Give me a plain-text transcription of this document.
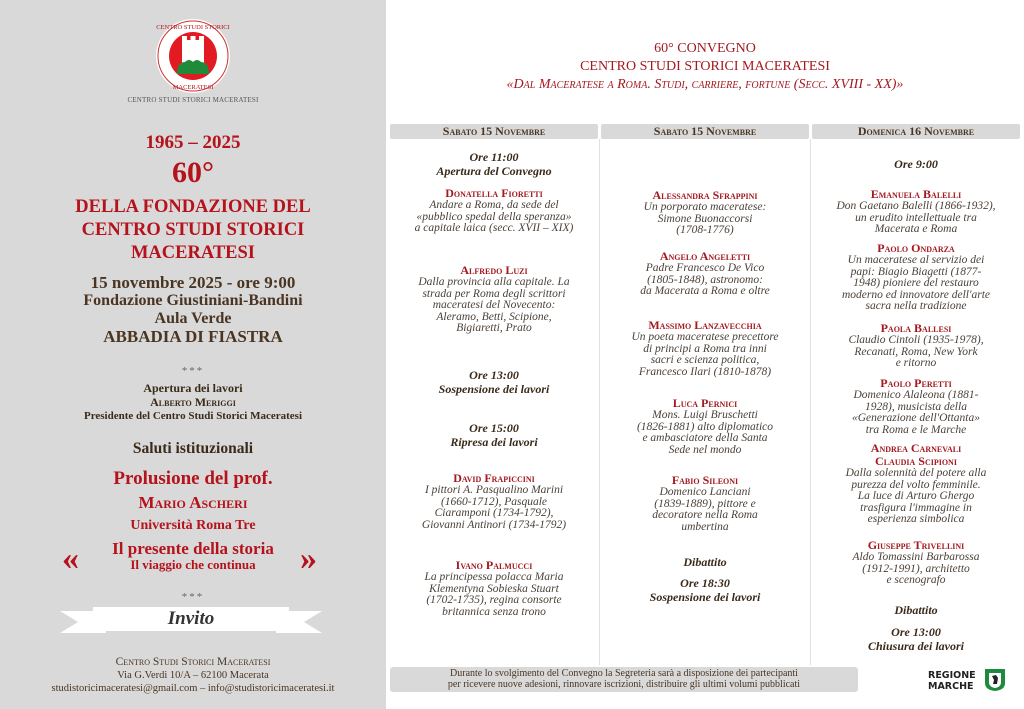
CENTRO STUDI STORICI
MACERATESI
CENTRO STUDI STORICI MACERATESI
1965 – 2025
60°
DELLA FONDAZIONE DEL
CENTRO STUDI STORICI
MACERATESI
15 novembre 2025 - ore 9:00
Fondazione Giustiniani-Bandini
Aula Verde
ABBADIA DI FIASTRA
***
Apertura dei lavori
Alberto Meriggi
Presidente del Centro Studi Storici Maceratesi
Saluti istituzionali
Prolusione del prof.
Mario Ascheri
Università Roma Tre
«	Il presente della storia
Il viaggio che continua	»
***
Invito
Centro Studi Storici Maceratesi
Via G.Verdi 10/A – 62100 Macerata
studistoricimaceratesi@gmail.com – info@studistoricimaceratesi.it
60° CONVEGNO
CENTRO STUDI STORICI MACERATESI
«Dal Maceratese a Roma. Studi, carriere, fortune (Secc. XVIII - XX)»
Sabato 15 Novembre	Sabato 15 Novembre	Domenica 16 Novembre
Ore 11:00
Apertura del Convegno
Donatella Fioretti
Andare a Roma, da sede del
«pubblico spedal della speranza»
a capitale laica (secc. XVII – XIX)
Alfredo Luzi
Dalla provincia alla capitale. La
strada per Roma degli scrittori
maceratesi del Novecento:
Aleramo, Betti, Scipione,
Bigiaretti, Prato
Ore 13:00
Sospensione dei lavori
Ore 15:00
Ripresa dei lavori
David Frapiccini
I pittori A. Pasqualino Marini
(1660-1712), Pasquale
Ciaramponi (1734-1792),
Giovanni Antinori (1734-1792)
Ivano Palmucci
La principessa polacca Maria
Klementyna Sobieska Stuart
(1702-1735), regina consorte
britannica senza trono
Alessandra Sfrappini
Un porporato maceratese:
Simone Buonaccorsi
(1708-1776)
Angelo Angeletti
Padre Francesco De Vico
(1805-1848), astronomo:
da Macerata a Roma e oltre
Massimo Lanzavecchia
Un poeta maceratese precettore
di principi a Roma tra inni
sacri e scienza politica,
Francesco Ilari (1810-1878)
Luca Pernici
Mons. Luigi Bruschetti
(1826-1881) alto diplomatico
e ambasciatore della Santa
Sede nel mondo
Fabio Sileoni
Domenico Lanciani
(1839-1889), pittore e
decoratore nella Roma
umbertina
Dibattito
Ore 18:30
Sospensione dei lavori
Ore 9:00
Emanuela Balelli
Don Gaetano Balelli (1866-1932),
un erudito intellettuale tra
Macerata e Roma
Paolo Ondarza
Un maceratese al servizio dei
papi: Biagio Biagetti (1877-
1948) pioniere del restauro
moderno ed innovatore dell'arte
sacra nella tradizione
Paola Ballesi
Claudio Cintoli (1935-1978),
Recanati, Roma, New York
e ritorno
Paolo Peretti
Domenico Alaleona (1881-
1928), musicista della
«Generazione dell'Ottanta»
tra Roma e le Marche
Andrea Carnevali
Claudia Scipioni
Dalla solennità del potere alla
purezza del volto femminile.
La luce di Arturo Ghergo
trasfigura l'immagine in
esperienza simbolica
Giuseppe Trivellini
Aldo Tomassini Barbarossa
(1912-1991), architetto
e scenografo
Dibattito
Ore 13:00
Chiusura dei lavori
Durante lo svolgimento del Convegno la Segreteria sarà a disposizione dei partecipanti
per ricevere nuove adesioni, rinnovare iscrizioni, distribuire gli ultimi volumi pubblicati
REGIONE
MARCHE
